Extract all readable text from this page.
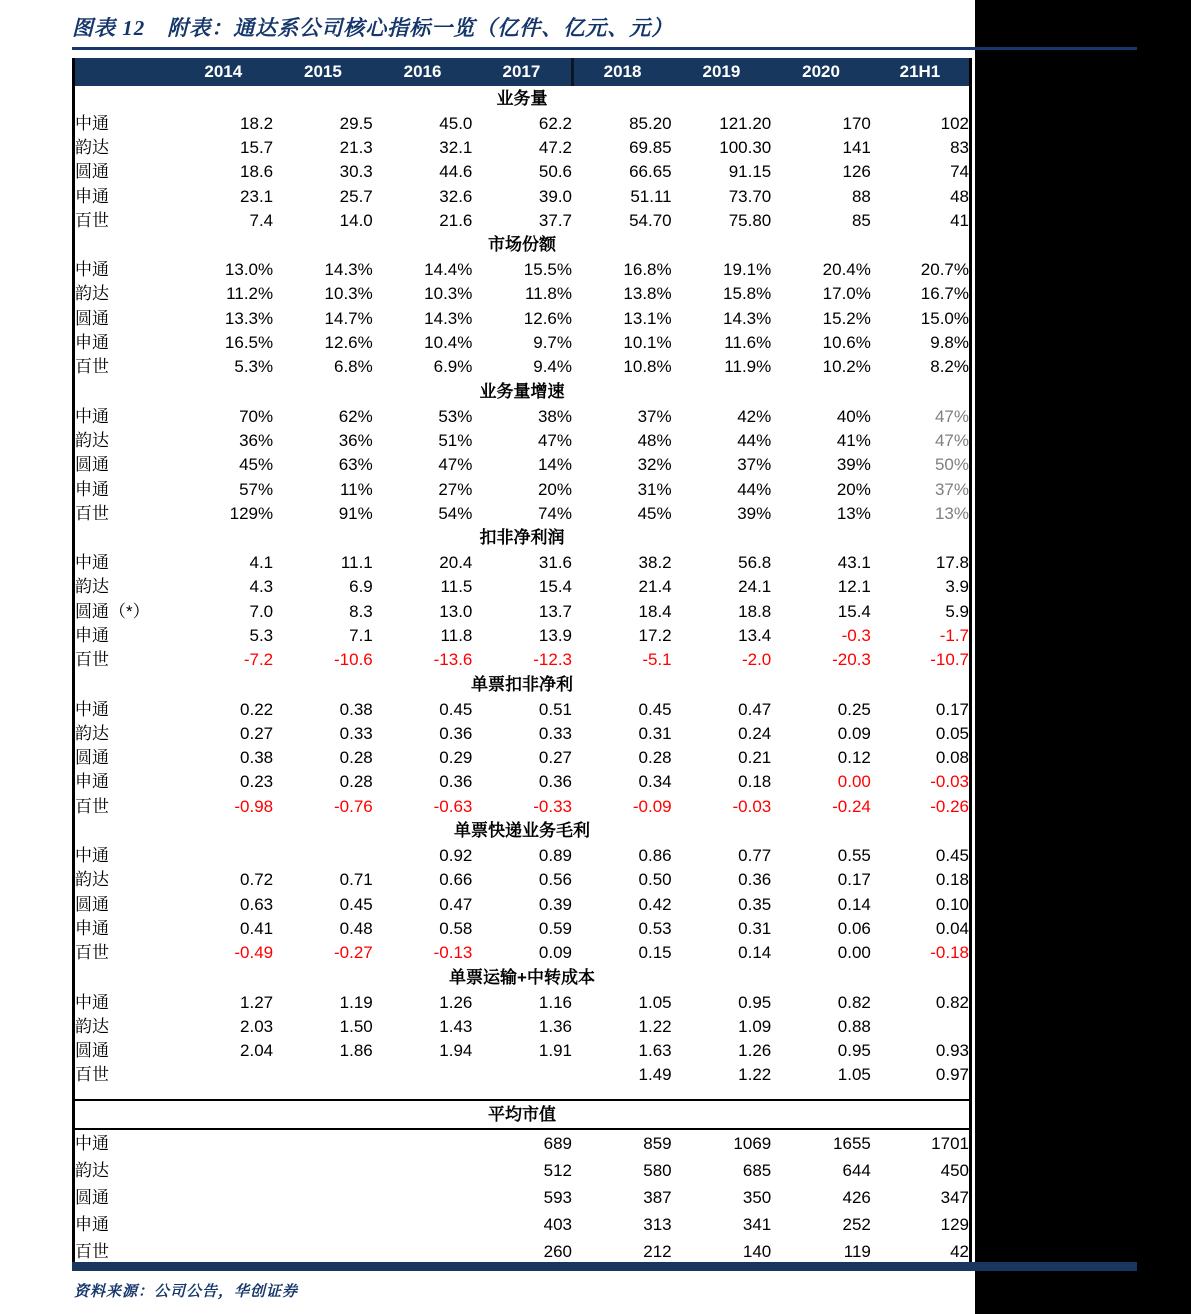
图表 12　附表：通达系公司核心指标一览（亿件、亿元、元）
	2014	2015	2016	2017	2018	2019	2020	21H1
业务量								
中通	18.2	29.5	45.0	62.2	85.20	121.20	170	102
韵达	15.7	21.3	32.1	47.2	69.85	100.30	141	83
圆通	18.6	30.3	44.6	50.6	66.65	91.15	126	74
申通	23.1	25.7	32.6	39.0	51.11	73.70	88	48
百世	7.4	14.0	21.6	37.7	54.70	75.80	85	41
市场份额								
中通	13.0%	14.3%	14.4%	15.5%	16.8%	19.1%	20.4%	20.7%
韵达	11.2%	10.3%	10.3%	11.8%	13.8%	15.8%	17.0%	16.7%
圆通	13.3%	14.7%	14.3%	12.6%	13.1%	14.3%	15.2%	15.0%
申通	16.5%	12.6%	10.4%	9.7%	10.1%	11.6%	10.6%	9.8%
百世	5.3%	6.8%	6.9%	9.4%	10.8%	11.9%	10.2%	8.2%
业务量增速								
中通	70%	62%	53%	38%	37%	42%	40%	47%
韵达	36%	36%	51%	47%	48%	44%	41%	47%
圆通	45%	63%	47%	14%	32%	37%	39%	50%
申通	57%	11%	27%	20%	31%	44%	20%	37%
百世	129%	91%	54%	74%	45%	39%	13%	13%
扣非净利润								
中通	4.1	11.1	20.4	31.6	38.2	56.8	43.1	17.8
韵达	4.3	6.9	11.5	15.4	21.4	24.1	12.1	3.9
圆通（*）	7.0	8.3	13.0	13.7	18.4	18.8	15.4	5.9
申通	5.3	7.1	11.8	13.9	17.2	13.4	-0.3	-1.7
百世	-7.2	-10.6	-13.6	-12.3	-5.1	-2.0	-20.3	-10.7
单票扣非净利								
中通	0.22	0.38	0.45	0.51	0.45	0.47	0.25	0.17
韵达	0.27	0.33	0.36	0.33	0.31	0.24	0.09	0.05
圆通	0.38	0.28	0.29	0.27	0.28	0.21	0.12	0.08
申通	0.23	0.28	0.36	0.36	0.34	0.18	0.00	-0.03
百世	-0.98	-0.76	-0.63	-0.33	-0.09	-0.03	-0.24	-0.26
单票快递业务毛利								
中通			0.92	0.89	0.86	0.77	0.55	0.45
韵达	0.72	0.71	0.66	0.56	0.50	0.36	0.17	0.18
圆通	0.63	0.45	0.47	0.39	0.42	0.35	0.14	0.10
申通	0.41	0.48	0.58	0.59	0.53	0.31	0.06	0.04
百世	-0.49	-0.27	-0.13	0.09	0.15	0.14	0.00	-0.18
单票运输+中转成本								
中通	1.27	1.19	1.26	1.16	1.05	0.95	0.82	0.82
韵达	2.03	1.50	1.43	1.36	1.22	1.09	0.88	
圆通	2.04	1.86	1.94	1.91	1.63	1.26	0.95	0.93
百世					1.49	1.22	1.05	0.97

平均市值								
中通				689	859	1069	1655	1701
韵达				512	580	685	644	450
圆通				593	387	350	426	347
申通				403	313	341	252	129
百世				260	212	140	119	42
资料来源：公司公告，华创证券
